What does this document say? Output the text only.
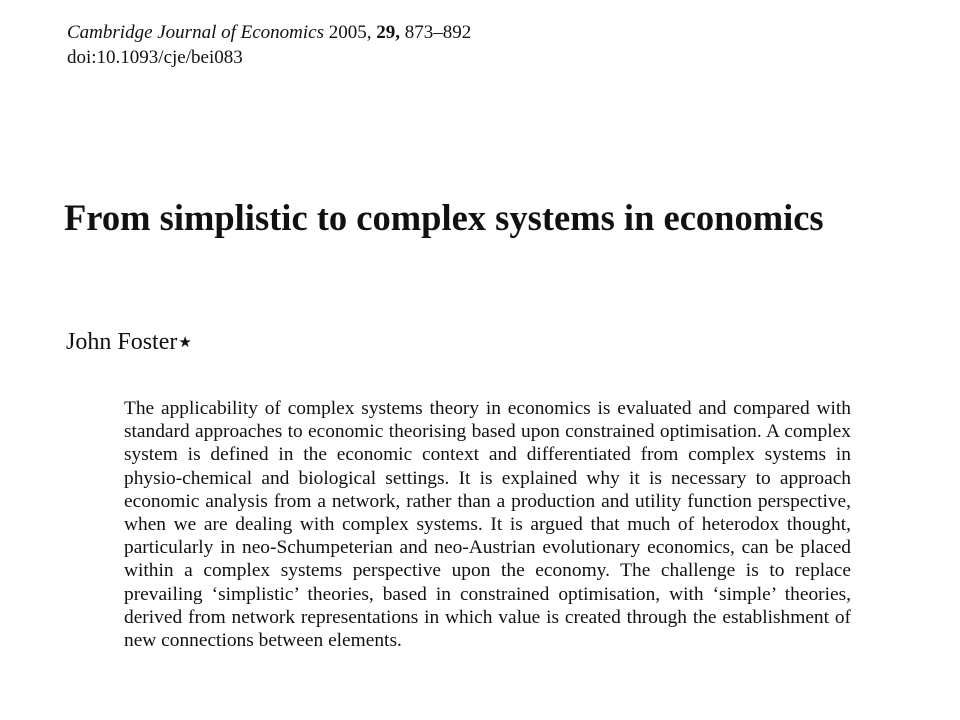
Cambridge Journal of Economics 2005, 29, 873–892
doi:10.1093/cje/bei083
From simplistic to complex systems in economics
John Foster★

The applicability of complex systems theory in economics is evaluated and compared with standard approaches to economic theorising based upon constrained optimisation. A complex system is defined in the economic context and differentiated from complex systems in physio-chemical and biological settings. It is explained why it is necessary to approach economic analysis from a network, rather than a production and utility function perspective, when we are dealing with complex systems. It is argued that much of heterodox thought, particularly in neo-Schumpeterian and neo-Austrian evolutionary economics, can be placed within a complex systems perspective upon the economy. The challenge is to replace prevailing ‘simplistic’ theories, based in constrained optimisation, with ‘simple’ theories, derived from network representations in which value is created through the establishment of new connections between elements.
